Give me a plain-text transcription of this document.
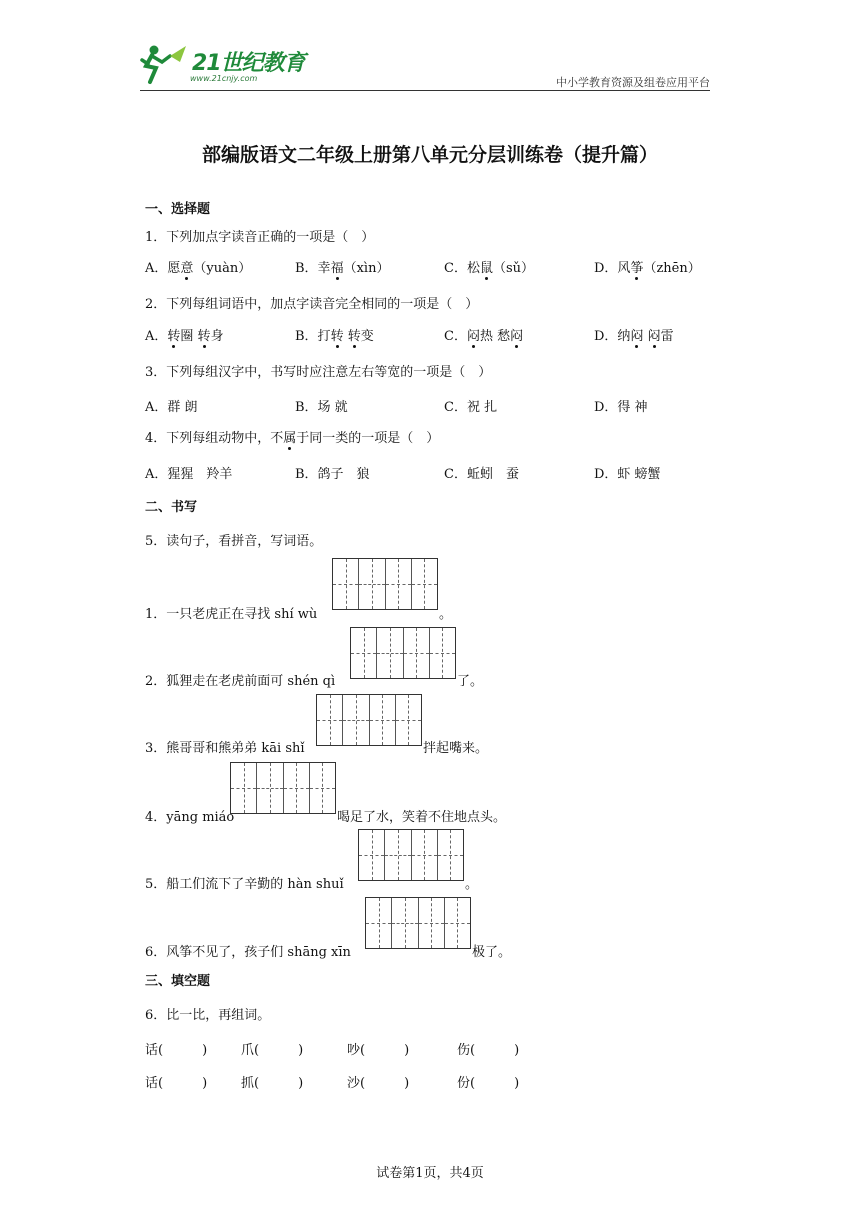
21世纪教育
www.21cnjy.com	中小学教育资源及组卷应用平台
部编版语文二年级上册第八单元分层训练卷（提升篇）
一、选择题
1．下列加点字读音正确的一项是（　）
A．愿意（yuàn）	B．幸福（xìn）	C．松鼠（sǔ）	D．风筝（zhēn）
2．下列每组词语中，加点字读音完全相同的一项是（　）
A．转圈 转身	B．打转 转变	C．闷热 愁闷	D．纳闷 闷雷
3．下列每组汉字中，书写时应注意左右等宽的一项是（　）
A．群 朗	B．场 就	C．祝 扎	D．得 神
4．下列每组动物中，不属于同一类的一项是（　）
A．猩猩　羚羊	B．鸽子　狼	C．蚯蚓　蚕	D．虾 螃蟹
二、书写
5．读句子，看拼音，写词语。
1．一只老虎正在寻找 shí wù	。
2．狐狸走在老虎前面可 shén qì	了。
3．熊哥哥和熊弟弟 kāi shǐ	拌起嘴来。
4．yāng miáo	喝足了水，笑着不住地点头。
5．船工们流下了辛勤的 hàn shuǐ	。
6．风筝不见了，孩子们 shāng xīn	极了。
三、填空题
6．比一比，再组词。
话(　　　)	爪(　　　)	吵(　　　)	伤(　　　)
话(　　　)	抓(　　　)	沙(　　　)	份(　　　)
试卷第1页，共4页
